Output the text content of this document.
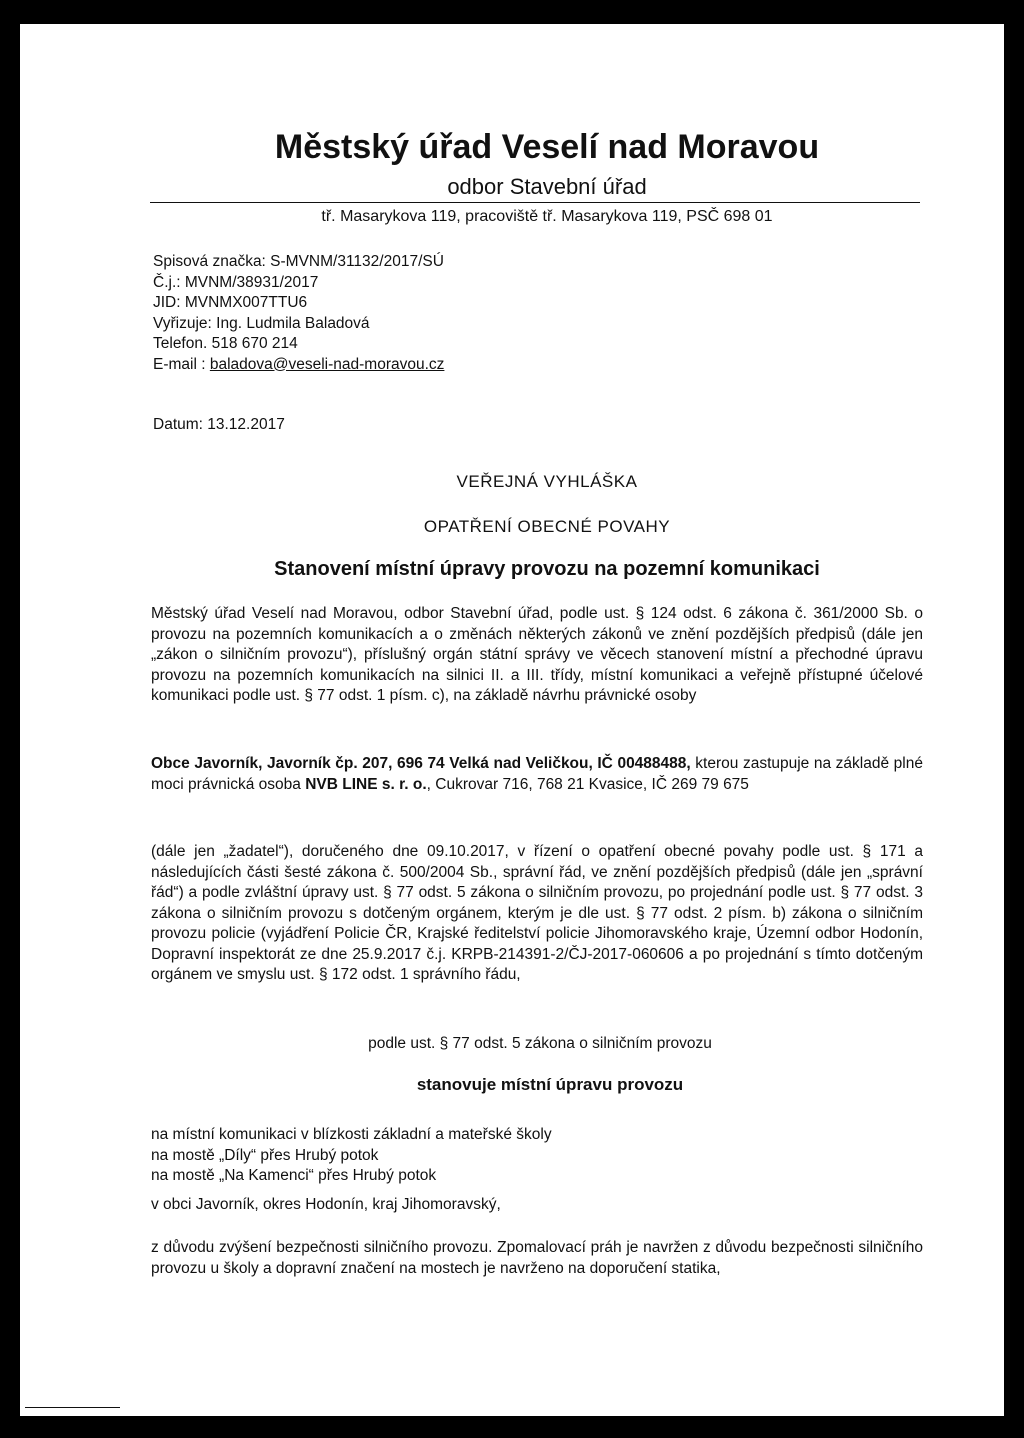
Městský úřad Veselí nad Moravou
odbor Stavební úřad
tř. Masarykova 119, pracoviště tř. Masarykova 119, PSČ 698 01
Spisová značka: S-MVNM/31132/2017/SÚ
Č.j.: MVNM/38931/2017
JID: MVNMX007TTU6
Vyřizuje: Ing. Ludmila Baladová
Telefon. 518 670 214
E-mail : baladova@veseli-nad-moravou.cz
Datum: 13.12.2017
VEŘEJNÁ VYHLÁŠKA
OPATŘENÍ OBECNÉ POVAHY
Stanovení místní úpravy provozu na pozemní komunikaci
Městský úřad Veselí nad Moravou, odbor Stavební úřad, podle ust. § 124 odst. 6 zákona č. 361/2000 Sb. o provozu na pozemních komunikacích a o změnách některých zákonů ve znění pozdějších předpisů (dále jen „zákon o silničním provozu“), příslušný orgán státní správy ve věcech stanovení místní a přechodné úpravu provozu na pozemních komunikacích na silnici II. a III. třídy, místní komunikaci a veřejně přístupné účelové komunikaci podle ust. § 77 odst. 1 písm. c), na základě návrhu právnické osoby
Obce Javorník, Javorník čp. 207, 696 74 Velká nad Veličkou, IČ 00488488, kterou zastupuje na základě plné moci právnická osoba NVB LINE s. r. o., Cukrovar 716, 768 21 Kvasice, IČ 269 79 675
(dále jen „žadatel“), doručeného dne 09.10.2017, v řízení o opatření obecné povahy podle ust. § 171 a následujících části šesté zákona č. 500/2004 Sb., správní řád, ve znění pozdějších předpisů (dále jen „správní řád“) a podle zvláštní úpravy ust. § 77 odst. 5 zákona o silničním provozu, po projednání podle ust. § 77 odst. 3 zákona o silničním provozu s dotčeným orgánem, kterým je dle ust. § 77 odst. 2 písm. b) zákona o silničním provozu policie (vyjádření Policie ČR, Krajské ředitelství policie Jihomoravského kraje, Územní odbor Hodonín, Dopravní inspektorát ze dne 25.9.2017 č.j. KRPB-214391-2/ČJ-2017-060606 a po projednání s tímto dotčeným orgánem ve smyslu ust. § 172 odst. 1 správního řádu,
podle ust. § 77 odst. 5 zákona o silničním provozu
stanovuje místní úpravu provozu
na místní komunikaci v blízkosti základní a mateřské školy
na mostě „Díly“ přes Hrubý potok
na mostě „Na Kamenci“ přes Hrubý potok
v obci Javorník, okres Hodonín, kraj Jihomoravský,
z důvodu zvýšení bezpečnosti silničního provozu. Zpomalovací práh je navržen z důvodu bezpečnosti silničního provozu u školy a dopravní značení na mostech je navrženo na doporučení statika,
